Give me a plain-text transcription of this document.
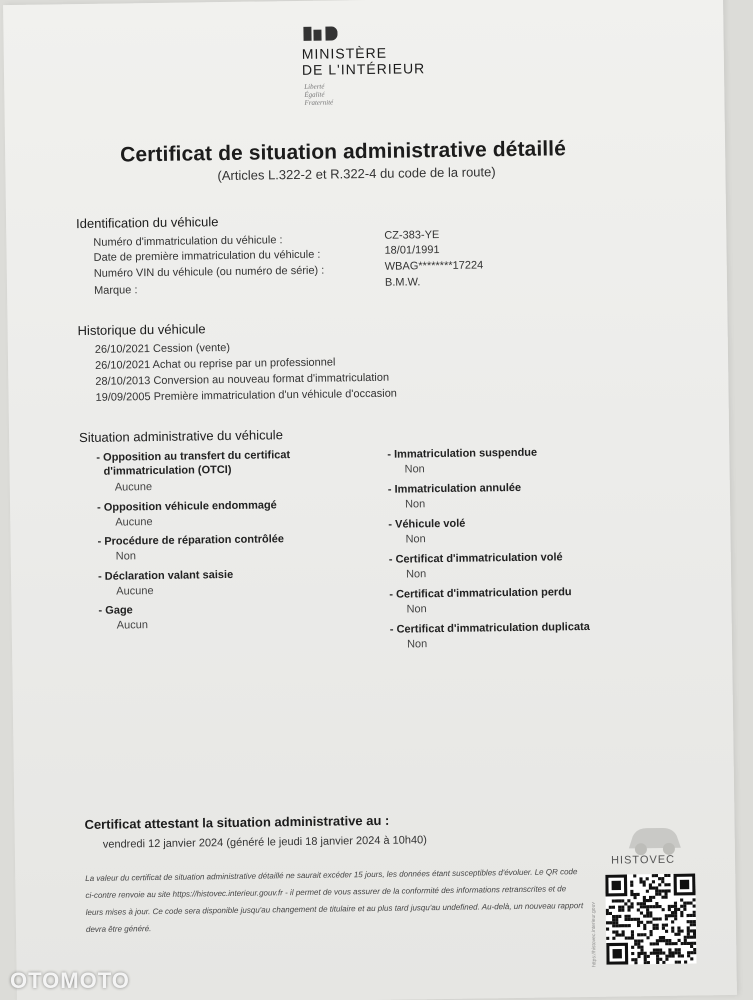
MINISTÈRE
DE L'INTÉRIEUR
Liberté
Égalité
Fraternité
Certificat de situation administrative détaillé
(Articles L.322-2 et R.322-4 du code de la route)
Identification du véhicule
Numéro d'immatriculation du véhicule :	CZ-383-YE
Date de première immatriculation du véhicule :	18/01/1991
Numéro VIN du véhicule (ou numéro de série) :	WBAG********17224
Marque :
B.M.W.
Historique du véhicule
26/10/2021 Cession (vente)
26/10/2021 Achat ou reprise par un professionnel
28/10/2013 Conversion au nouveau format d'immatriculation
19/09/2005 Première immatriculation d'un véhicule d'occasion
Situation administrative du véhicule
- Opposition au transfert du certificat
d'immatriculation (OTCI)
Aucune
- Opposition véhicule endommagé
Aucune
- Procédure de réparation contrôlée
Non
- Déclaration valant saisie
Aucune
- Gage
Aucun
- Immatriculation suspendue
Non
- Immatriculation annulée
Non
- Véhicule volé
Non
- Certificat d'immatriculation volé
Non
- Certificat d'immatriculation perdu
Non
- Certificat d'immatriculation duplicata
Non
Certificat attestant la situation administrative au :
vendredi 12 janvier 2024 (généré le jeudi 18 janvier 2024 à 10h40)
La valeur du certificat de situation administrative détaillé ne saurait excéder 15 jours, les données étant susceptibles d'évoluer. Le QR code ci-contre renvoie au site https://histovec.interieur.gouv.fr - il permet de vous assurer de la conformité des informations retranscrites et de leurs mises à jour. Ce code sera disponible jusqu'au changement de titulaire et au plus tard jusqu'au undefined. Au-delà, un nouveau rapport devra être généré.
HISTOVEC
https://histovec.interieur.gouv
OTOMOTO
